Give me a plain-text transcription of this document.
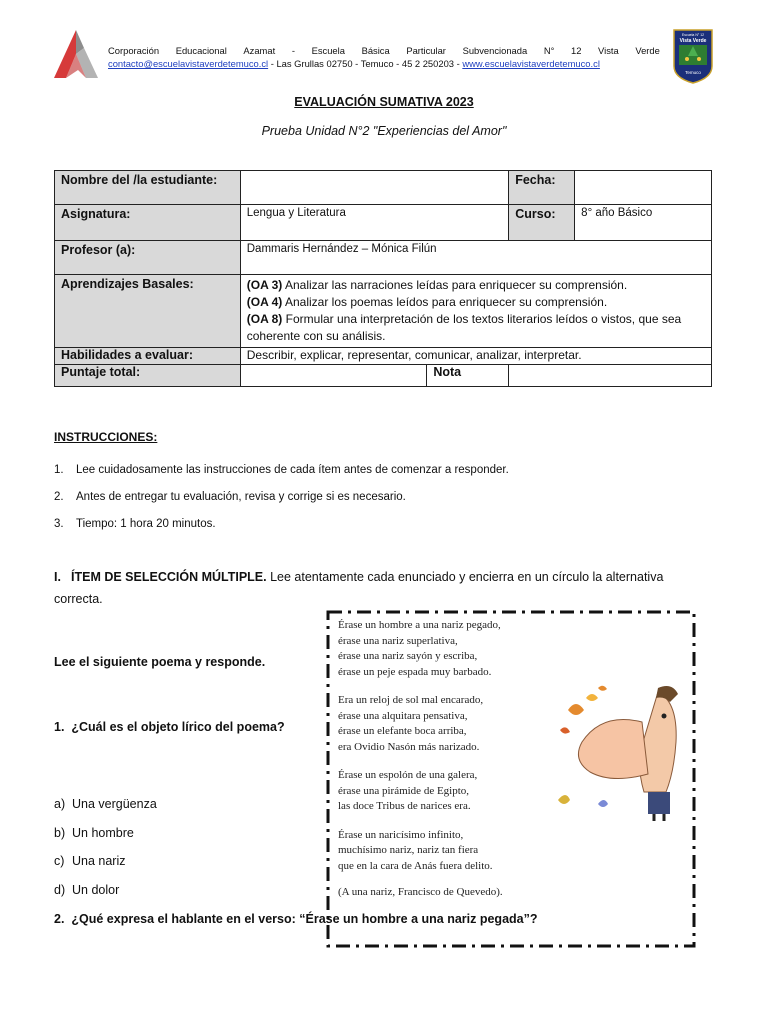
Corporación Educacional Azamat - Escuela Básica Particular Subvencionada N° 12 Vista Verde
contacto@escuelavistaverdetemuco.cl - Las Grullas 02750 - Temuco - 45 2 250203 - www.escuelavistaverdetemuco.cl
Escuela N° 12
Vista Verde
Temuco
EVALUACIÓN SUMATIVA 2023
Prueba Unidad N°2 "Experiencias del Amor"
Nombre del /la estudiante:			Fecha:	
Asignatura:	Lengua y Literatura		Curso:	8° año Básico
Profesor (a):	Dammaris Hernández – Mónica Filún			
Aprendizajes Basales:	(OA 3) Analizar las narraciones leídas para enriquecer su comprensión.
(OA 4) Analizar los poemas leídos para enriquecer su comprensión.
(OA 8) Formular una interpretación de los textos literarios leídos o vistos, que sea coherente con su análisis.			

Habilidades a evaluar:	Describir, explicar, representar, comunicar, analizar, interpretar.			
Puntaje total:		Nota		
INSTRUCCIONES:
1. Lee cuidadosamente las instrucciones de cada ítem antes de comenzar a responder.
2. Antes de entregar tu evaluación, revisa y corrige si es necesario.
3. Tiempo: 1 hora 20 minutos.
I. ÍTEM DE SELECCIÓN MÚLTIPLE. Lee atentamente cada enunciado y encierra en un círculo la alternativa correcta.
Lee el siguiente poema y responde.
1.  ¿Cuál es el objeto lírico del poema?
a) Una vergüenza
b) Un hombre
c) Una nariz
d) Un dolor
Érase un hombre a una nariz pegado,
érase una nariz superlativa,
érase una nariz sayón y escriba,
érase un peje espada muy barbado.
Era un reloj de sol mal encarado,
érase una alquitara pensativa,
érase un elefante boca arriba,
era Ovidio Nasón más narizado.
Érase un espolón de una galera,
érase una pirámide de Egipto,
las doce Tribus de narices era.
Érase un naricísimo infinito,
muchísimo nariz, nariz tan fiera
que en la cara de Anás fuera delito.
(A una nariz, Francisco de Quevedo).
2.  ¿Qué expresa el hablante en el verso: “Érase un hombre a una nariz pegada”?
